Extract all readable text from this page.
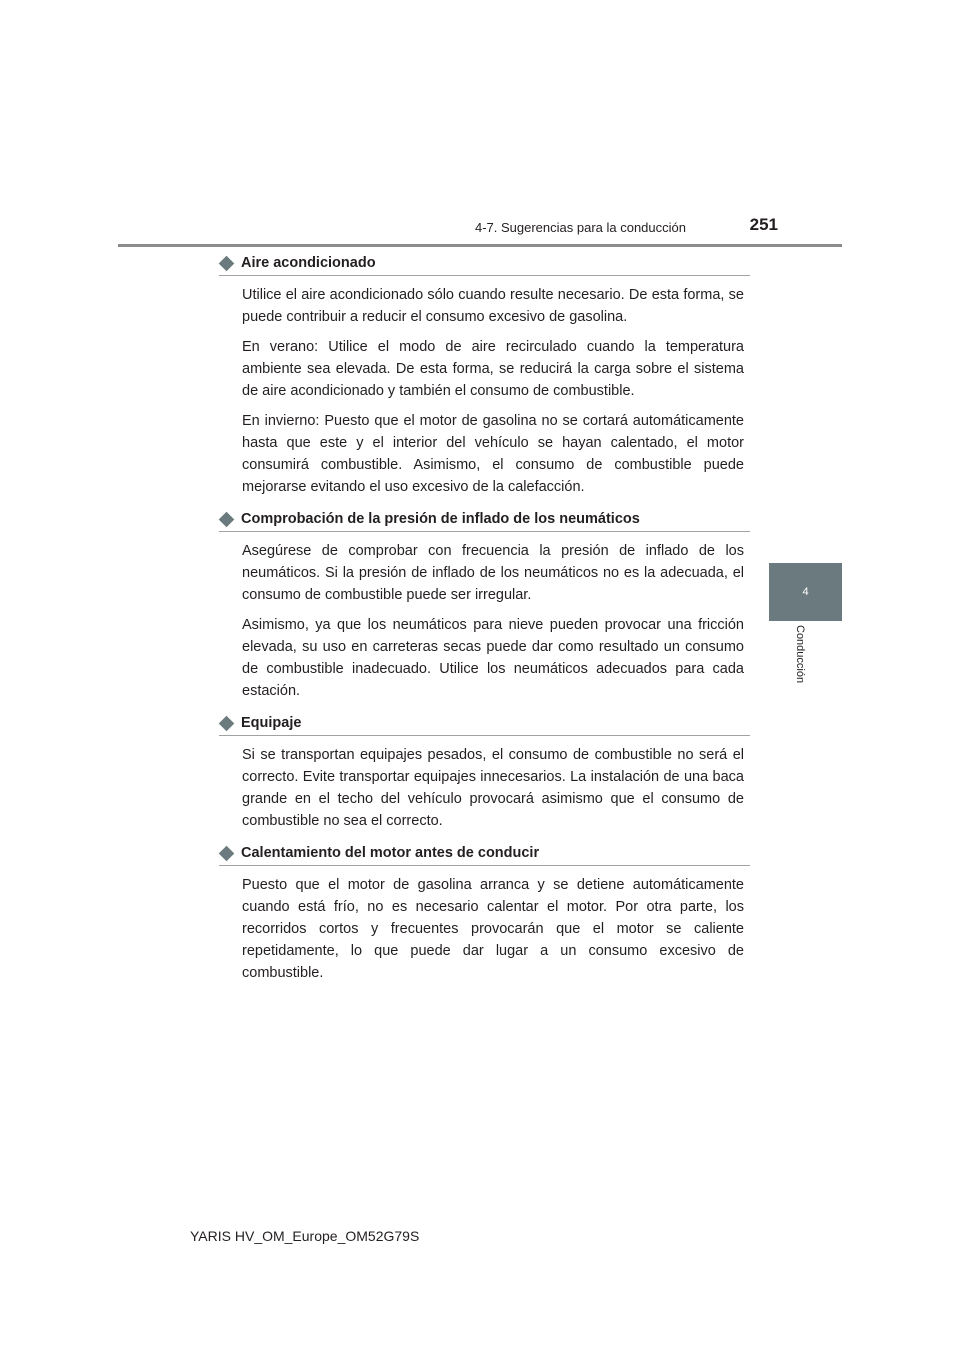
4-7. Sugerencias para la conducción	251
4
Conducción
Aire acondicionado

Utilice el aire acondicionado sólo cuando resulte necesario. De esta forma, se puede contribuir a reducir el consumo excesivo de gasolina.

En verano: Utilice el modo de aire recirculado cuando la temperatura ambiente sea elevada. De esta forma, se reducirá la carga sobre el sistema de aire acondicionado y también el consumo de combustible.

En invierno: Puesto que el motor de gasolina no se cortará automáticamente hasta que este y el interior del vehículo se hayan calentado, el motor consumirá combustible. Asimismo, el consumo de combustible puede mejorarse evitando el uso excesivo de la calefacción.

Comprobación de la presión de inflado de los neumáticos

Asegúrese de comprobar con frecuencia la presión de inflado de los neumáticos. Si la presión de inflado de los neumáticos no es la adecuada, el consumo de combustible puede ser irregular.

Asimismo, ya que los neumáticos para nieve pueden provocar una fricción elevada, su uso en carreteras secas puede dar como resultado un consumo de combustible inadecuado. Utilice los neumáticos adecuados para cada estación.

Equipaje

Si se transportan equipajes pesados, el consumo de combustible no será el correcto. Evite transportar equipajes innecesarios. La instalación de una baca grande en el techo del vehículo provocará asimismo que el consumo de combustible no sea el correcto.

Calentamiento del motor antes de conducir

Puesto que el motor de gasolina arranca y se detiene automáticamente cuando está frío, no es necesario calentar el motor. Por otra parte, los recorridos cortos y frecuentes provocarán que el motor se caliente repetidamente, lo que puede dar lugar a un consumo excesivo de combustible.

YARIS HV_OM_Europe_OM52G79S
